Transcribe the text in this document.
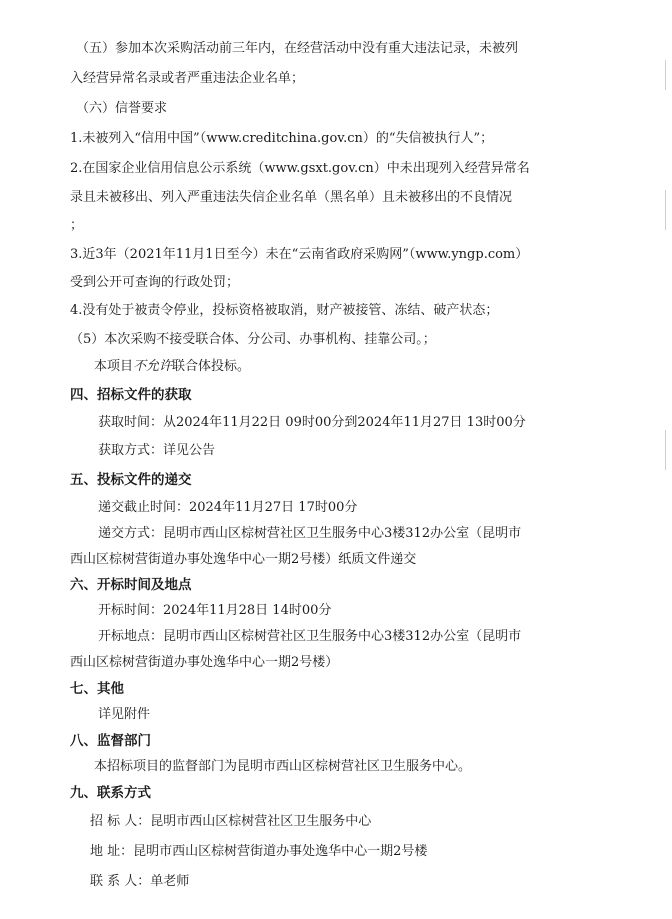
（五）参加本次采购活动前三年内，在经营活动中没有重大违法记录，未被列
入经营异常名录或者严重违法企业名单；
（六）信誉要求
1.未被列入“信用中国”（www.creditchina.gov.cn）的“失信被执行人”；
2.在国家企业信用信息公示系统（www.gsxt.gov.cn）中未出现列入经营异常名
录且未被移出、列入严重违法失信企业名单（黑名单）且未被移出的不良情况
；
3.近3年（2021年11月1日至今）未在“云南省政府采购网”（www.yngp.com）
受到公开可查询的行政处罚；
4.没有处于被责令停业，投标资格被取消，财产被接管、冻结、破产状态；
（5）本次采购不接受联合体、分公司、办事机构、挂靠公司。；
本项目不允许联合体投标。
四、招标文件的获取
获取时间：从2024年11月22日 09时00分到2024年11月27日 13时00分
获取方式：详见公告
五、投标文件的递交
递交截止时间：2024年11月27日 17时00分
递交方式：昆明市西山区棕树营社区卫生服务中心3楼312办公室（昆明市
西山区棕树营街道办事处逸华中心一期2号楼）纸质文件递交
六、开标时间及地点
开标时间：2024年11月28日 14时00分
开标地点：昆明市西山区棕树营社区卫生服务中心3楼312办公室（昆明市
西山区棕树营街道办事处逸华中心一期2号楼）
七、其他
详见附件
八、监督部门
本招标项目的监督部门为昆明市西山区棕树营社区卫生服务中心。
九、联系方式
招 标 人：昆明市西山区棕树营社区卫生服务中心
地 址：昆明市西山区棕树营街道办事处逸华中心一期2号楼
联 系 人：单老师
